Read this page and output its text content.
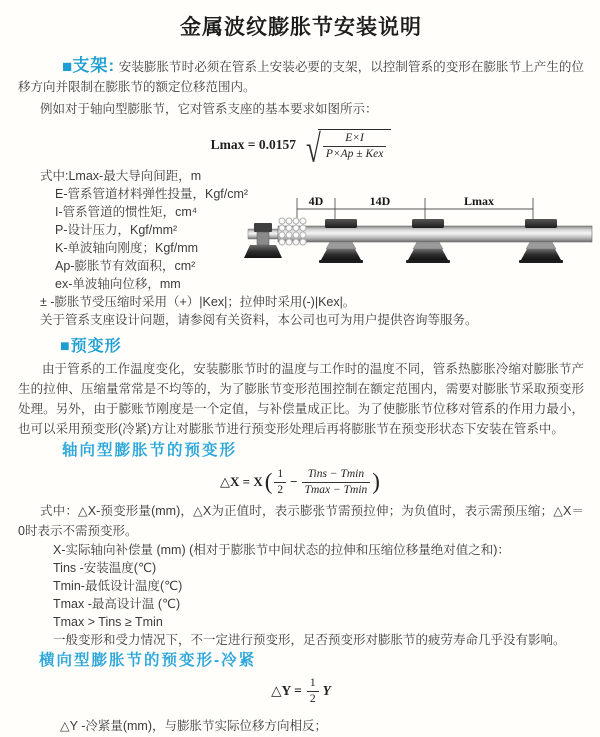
金属波纹膨胀节安装说明

■支架: 安装膨胀节时必须在管系上安装必要的支架，以控制管系的变形在膨胀节上产生的位移方向并限制在膨胀节的额定位移范围内。

例如对于轴向型膨胀节，它对管系支座的基本要求如图所示：

Lmax = 0.0157 √ $\frac{E\times I}{\text{P×Ap ± Kex}}$
式中:Lmax-最大导向间距，m
E-管系管道材料弹性投量，Kgf/cm²
I-管系管道的惯性矩，cm⁴
P-设计压力，Kgf/mm²
K-单波轴向刚度；Kgf/mm
Ap-膨胀节有效面积，cm²
ex-单波轴向位移，mm
± -膨胀节受压缩时采用（+）|Kex|；拉伸时采用(-)|Kex|。
关于管系支座设计问题，请参阅有关资料，本公司也可为用户提供咨询等服务。
■预变形

由于管系的工作温度变化，安装膨胀节时的温度与工作时的温度不同，管系热膨胀冷缩对膨胀节产生的拉伸、压缩量常常是不均等的，为了膨胀节变形范围控制在额定范围内，需要对膨胀节采取预变形处理。另外，由于膨账节刚度是一个定值，与补偿量成正比。为了使膨胀节位移对管系的作用力最小，也可以采用预变形(冷紧)方让对膨胀节进行预变形处理后再将膨胀节在预变形状态下安装在管系中。

轴向型膨胀节的预变形
△X = X ( $\frac{1}{2} - \frac{\text{Tins − Tmin}}{Tmax - Tmin}$ )

式中：△X-预变形量(mm)，△X为正值时，表示膨张节需预拉伸；为负值时，表示需预压缩；△X＝0时表示不需预变形。

X-实际轴向补偿量 (mm) (相对于膨胀节中间状态的拉伸和压缩位移量绝对值之和)：
Tins -安装温度(℃)
Tmin-最低设计温度(℃)
Tmax -最高设计温 (℃)
Tmax > Tins ≥ Tmin
一般变形和受力情况下，不一定进行预变形，足否预变形对膨胀节的疲劳寿命几乎没有影响。
横向型膨胀节的预变形-冷紧
△Y = $\frac{1}{2}$ Y
△Y -冷紧量(mm)，与膨胀节实际位移方向相反；
4D	14D	Lmax
